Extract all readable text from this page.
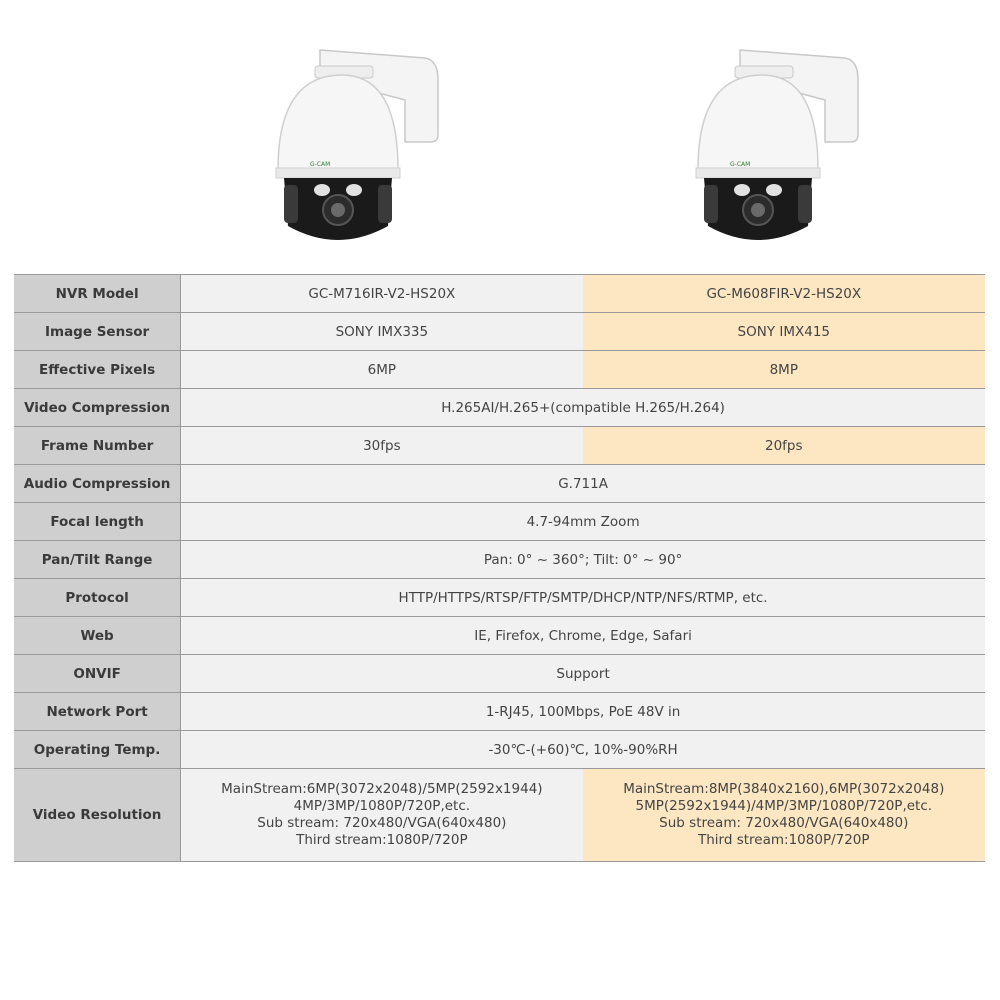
G-CAM	G-CAM
NVR Model	GC-M716IR-V2-HS20X	GC-M608FIR-V2-HS20X
Image Sensor	SONY IMX335	SONY IMX415
Effective Pixels	6MP	8MP
Video Compression	H.265AI/H.265+(compatible H.265/H.264)	
Frame Number	30fps	20fps
Audio Compression	G.711A	
Focal length	4.7-94mm Zoom	
Pan/Tilt Range	Pan: 0° ~ 360°; Tilt: 0° ~ 90°	
Protocol	HTTP/HTTPS/RTSP/FTP/SMTP/DHCP/NTP/NFS/RTMP, etc.	
Web	IE, Firefox, Chrome, Edge, Safari	
ONVIF	Support	
Network Port	1-RJ45, 100Mbps, PoE 48V in	
Operating Temp.	-30℃-(+60)℃, 10%-90%RH	
Video Resolution	MainStream:6MP(3072x2048)/5MP(2592x1944)
4MP/3MP/1080P/720P,etc.
Sub stream: 720x480/VGA(640x480)
Third stream:1080P/720P	MainStream:8MP(3840x2160),6MP(3072x2048)
5MP(2592x1944)/4MP/3MP/1080P/720P,etc.
Sub stream: 720x480/VGA(640x480)
Third stream:1080P/720P
